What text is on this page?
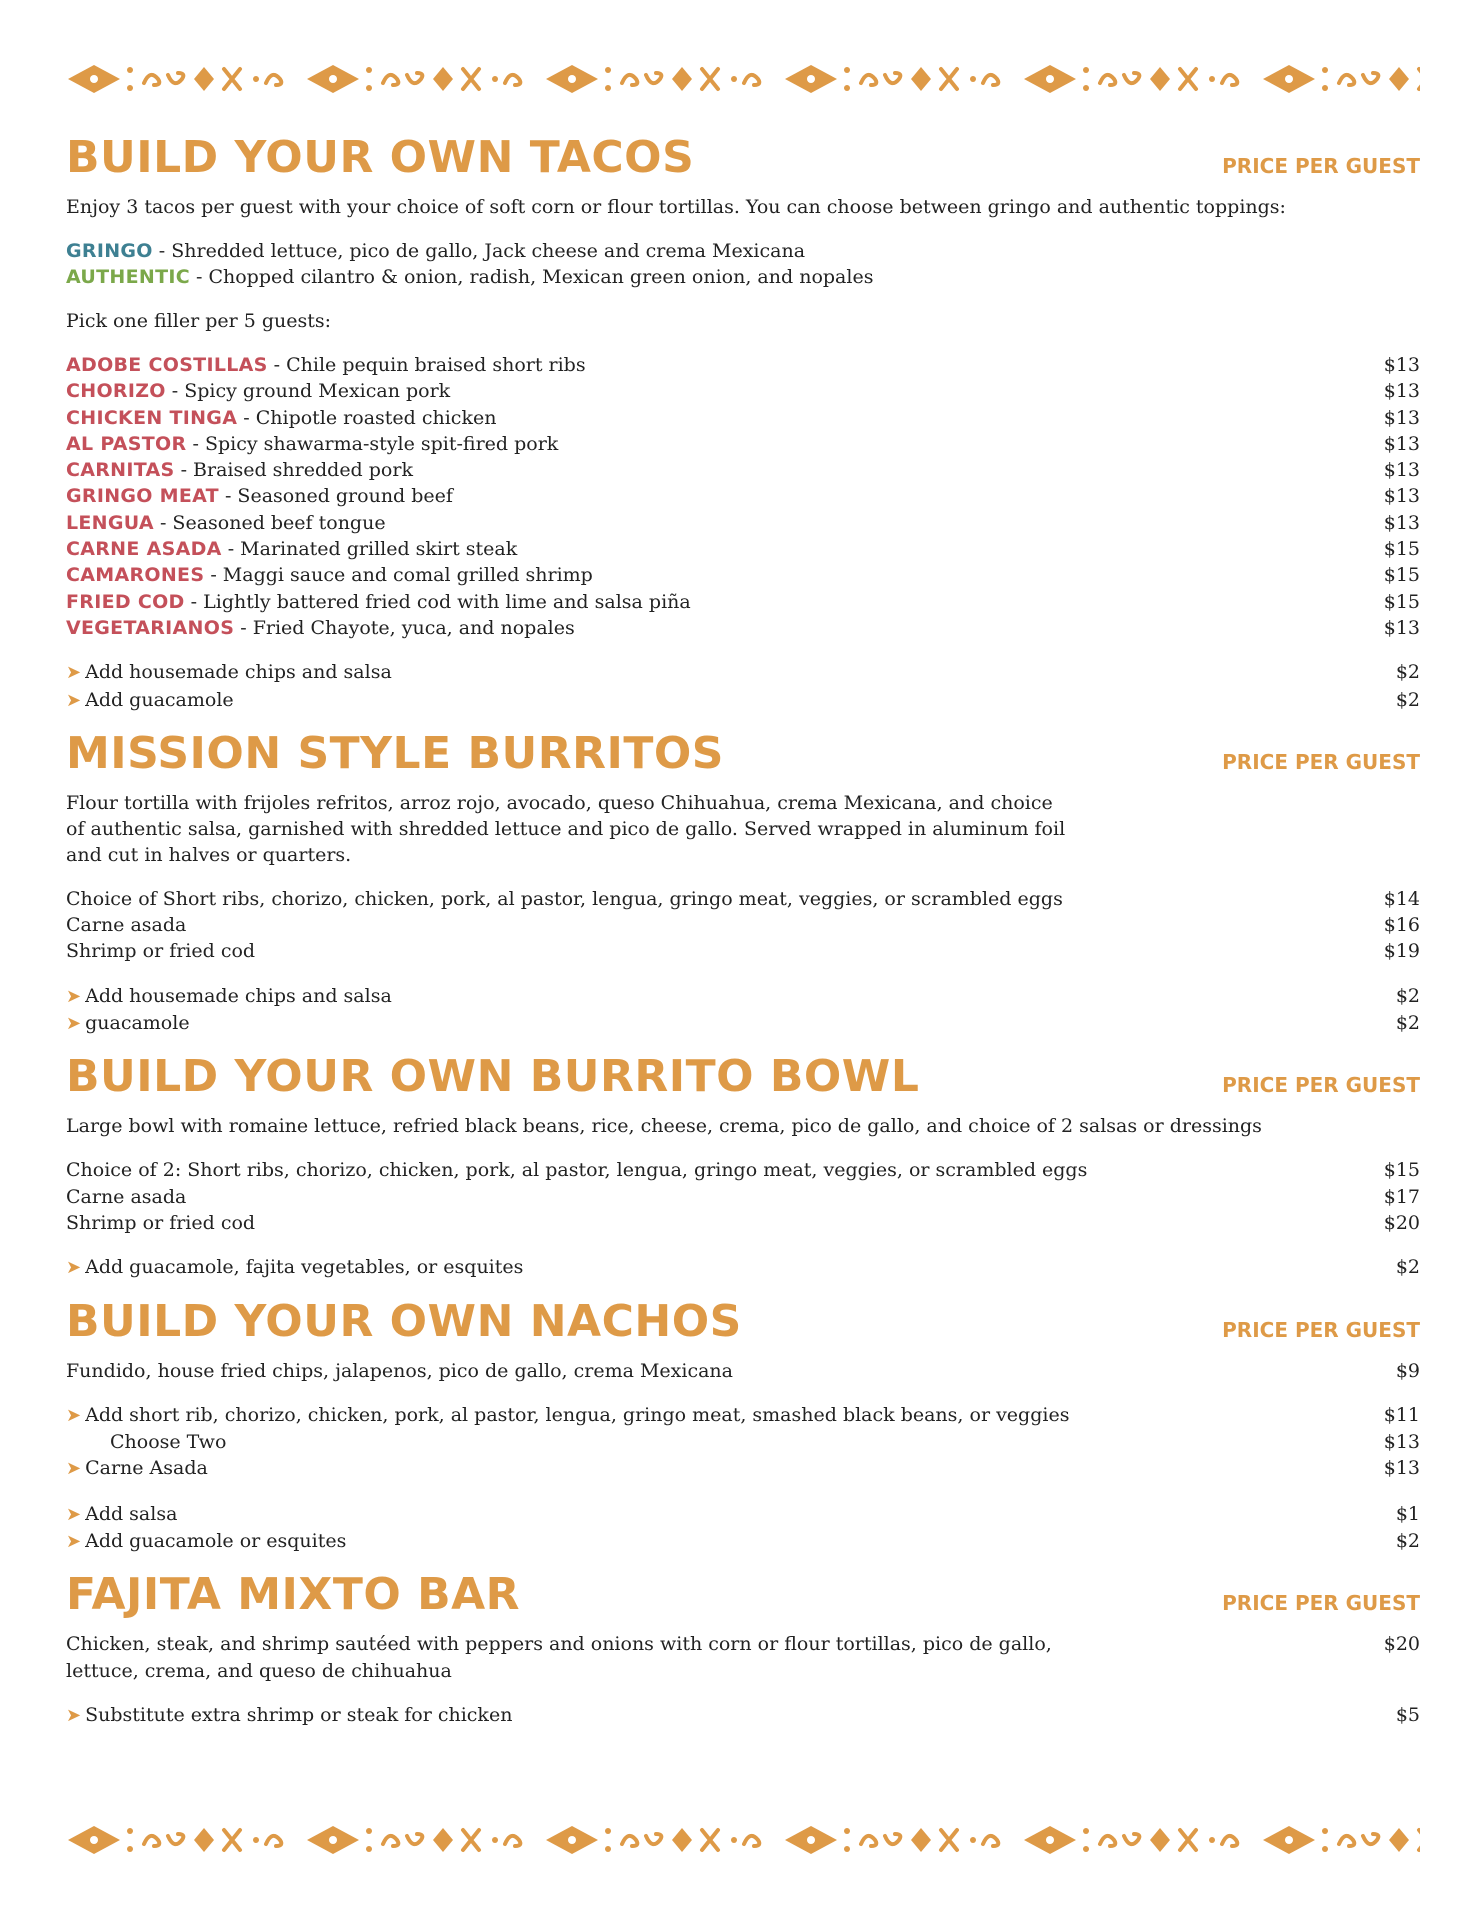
BUILD YOUR OWN TACOS	PRICE PER GUEST
Enjoy 3 tacos per guest with your choice of soft corn or flour tortillas. You can choose between gringo and authentic toppings:
GRINGO - Shredded lettuce, pico de gallo, Jack cheese and crema Mexicana
AUTHENTIC - Chopped cilantro & onion, radish, Mexican green onion, and nopales
Pick one filler per 5 guests:
ADOBE COSTILLAS - Chile pequin braised short ribs	$13
CHORIZO - Spicy ground Mexican pork	$13
CHICKEN TINGA - Chipotle roasted chicken	$13
AL PASTOR - Spicy shawarma-style spit-fired pork	$13
CARNITAS - Braised shredded pork	$13
GRINGO MEAT - Seasoned ground beef	$13
LENGUA - Seasoned beef tongue	$13
CARNE ASADA - Marinated grilled skirt steak	$15
CAMARONES - Maggi sauce and comal grilled shrimp	$15
FRIED COD - Lightly battered fried cod with lime and salsa piña	$15
VEGETARIANOS - Fried Chayote, yuca, and nopales	$13
➤ Add housemade chips and salsa	$2
➤ Add guacamole	$2
MISSION STYLE BURRITOS	PRICE PER GUEST
Flour tortilla with frijoles refritos, arroz rojo, avocado, queso Chihuahua, crema Mexicana, and choice
of authentic salsa, garnished with shredded lettuce and pico de gallo. Served wrapped in aluminum foil
and cut in halves or quarters.
Choice of Short ribs, chorizo, chicken, pork, al pastor, lengua, gringo meat, veggies, or scrambled eggs	$14
Carne asada	$16
Shrimp or fried cod	$19
➤ Add housemade chips and salsa	$2
➤ guacamole	$2
BUILD YOUR OWN BURRITO BOWL	PRICE PER GUEST
Large bowl with romaine lettuce, refried black beans, rice, cheese, crema, pico de gallo, and choice of 2 salsas or dressings
Choice of 2: Short ribs, chorizo, chicken, pork, al pastor, lengua, gringo meat, veggies, or scrambled eggs	$15
Carne asada	$17
Shrimp or fried cod	$20
➤ Add guacamole, fajita vegetables, or esquites	$2
BUILD YOUR OWN NACHOS	PRICE PER GUEST
Fundido, house fried chips, jalapenos, pico de gallo, crema Mexicana	$9
➤ Add short rib, chorizo, chicken, pork, al pastor, lengua, gringo meat, smashed black beans, or veggies	$11
Choose Two	$13
➤ Carne Asada	$13
➤ Add salsa	$1
➤ Add guacamole or esquites	$2
FAJITA MIXTO BAR	PRICE PER GUEST
Chicken, steak, and shrimp sautéed with peppers and onions with corn or flour tortillas, pico de gallo,	$20
lettuce, crema, and queso de chihuahua
➤ Substitute extra shrimp or steak for chicken	$5
